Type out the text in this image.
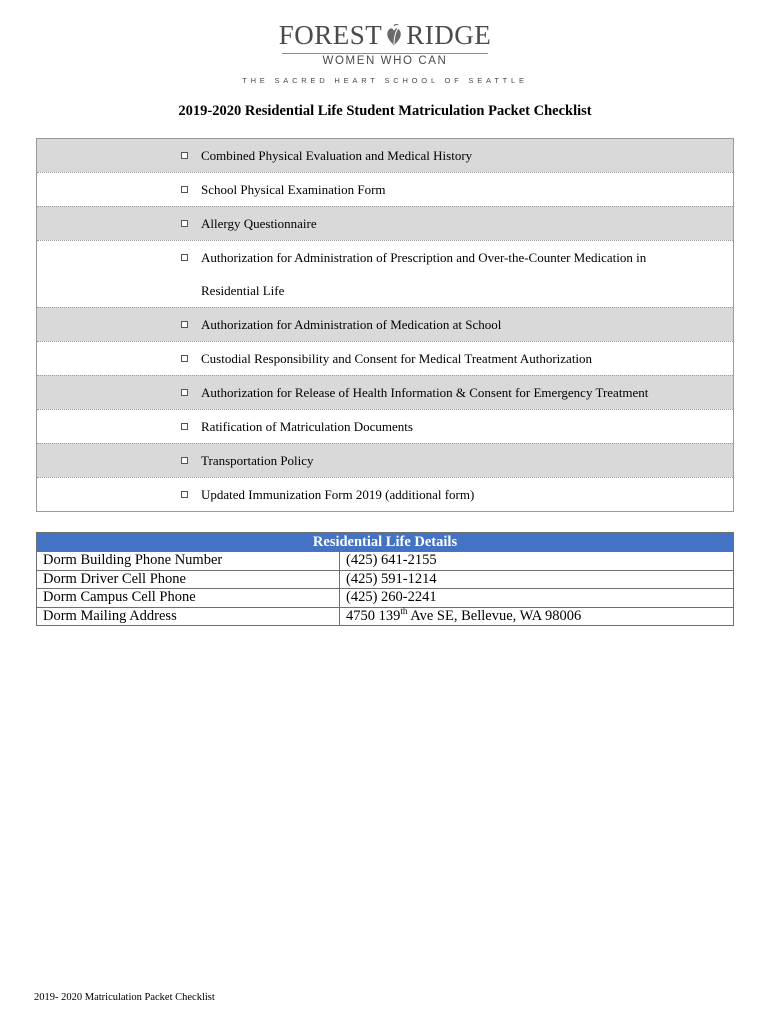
FOREST RIDGE
WOMEN WHO CAN
THE SACRED HEART SCHOOL OF SEATTLE
2019-2020 Residential Life Student Matriculation Packet Checklist
Combined Physical Evaluation and Medical History
School Physical Examination Form
Allergy Questionnaire
Authorization for Administration of Prescription and Over-the-Counter Medication in
Residential Life
Authorization for Administration of Medication at School
Custodial Responsibility and Consent for Medical Treatment Authorization
Authorization for Release of Health Information & Consent for Emergency Treatment
Ratification of Matriculation Documents
Transportation Policy
Updated Immunization Form 2019 (additional form)
Residential Life Details	
Dorm Building Phone Number	(425) 641-2155
Dorm Driver Cell Phone	(425) 591-1214
Dorm Campus Cell Phone	(425) 260-2241
Dorm Mailing Address	4750 139th Ave SE, Bellevue, WA 98006
2019- 2020 Matriculation Packet Checklist
